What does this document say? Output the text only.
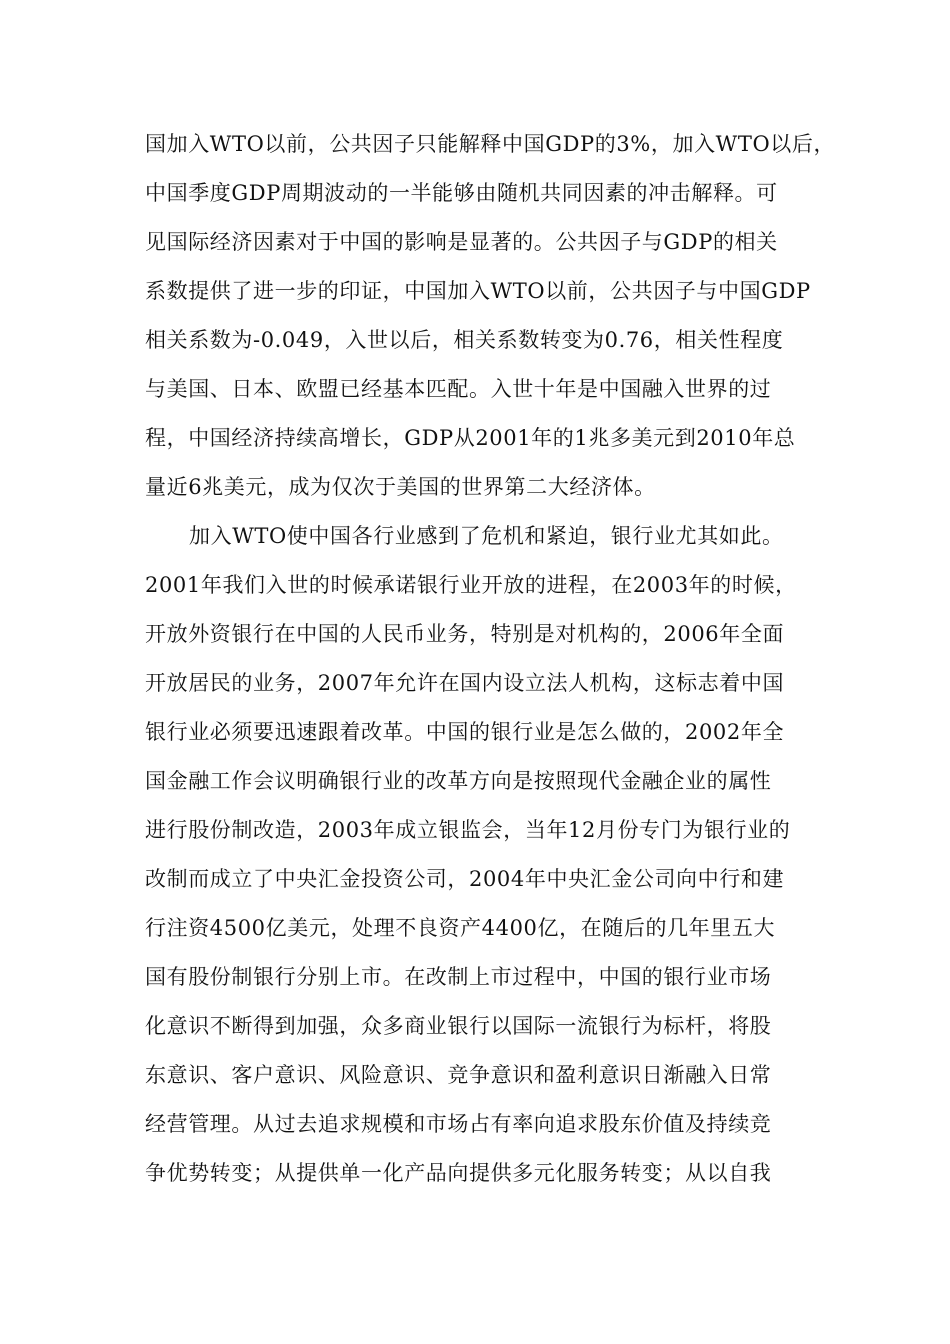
国加入WTO以前，公共因子只能解释中国GDP的3%，加入WTO以后，
中国季度GDP周期波动的一半能够由随机共同因素的冲击解释。可
见国际经济因素对于中国的影响是显著的。公共因子与GDP的相关
系数提供了进一步的印证，中国加入WTO以前，公共因子与中国GDP
相关系数为-0.049，入世以后，相关系数转变为0.76，相关性程度
与美国、日本、欧盟已经基本匹配。入世十年是中国融入世界的过
程，中国经济持续高增长，GDP从2001年的1兆多美元到2010年总
量近6兆美元，成为仅次于美国的世界第二大经济体。
加入WTO使中国各行业感到了危机和紧迫，银行业尤其如此。
2001年我们入世的时候承诺银行业开放的进程，在2003年的时候，
开放外资银行在中国的人民币业务，特别是对机构的，2006年全面
开放居民的业务，2007年允许在国内设立法人机构，这标志着中国
银行业必须要迅速跟着改革。中国的银行业是怎么做的，2002年全
国金融工作会议明确银行业的改革方向是按照现代金融企业的属性
进行股份制改造，2003年成立银监会，当年12月份专门为银行业的
改制而成立了中央汇金投资公司，2004年中央汇金公司向中行和建
行注资4500亿美元，处理不良资产4400亿，在随后的几年里五大
国有股份制银行分别上市。在改制上市过程中，中国的银行业市场
化意识不断得到加强，众多商业银行以国际一流银行为标杆，将股
东意识、客户意识、风险意识、竞争意识和盈利意识日渐融入日常
经营管理。从过去追求规模和市场占有率向追求股东价值及持续竞
争优势转变；从提供单一化产品向提供多元化服务转变；从以自我
